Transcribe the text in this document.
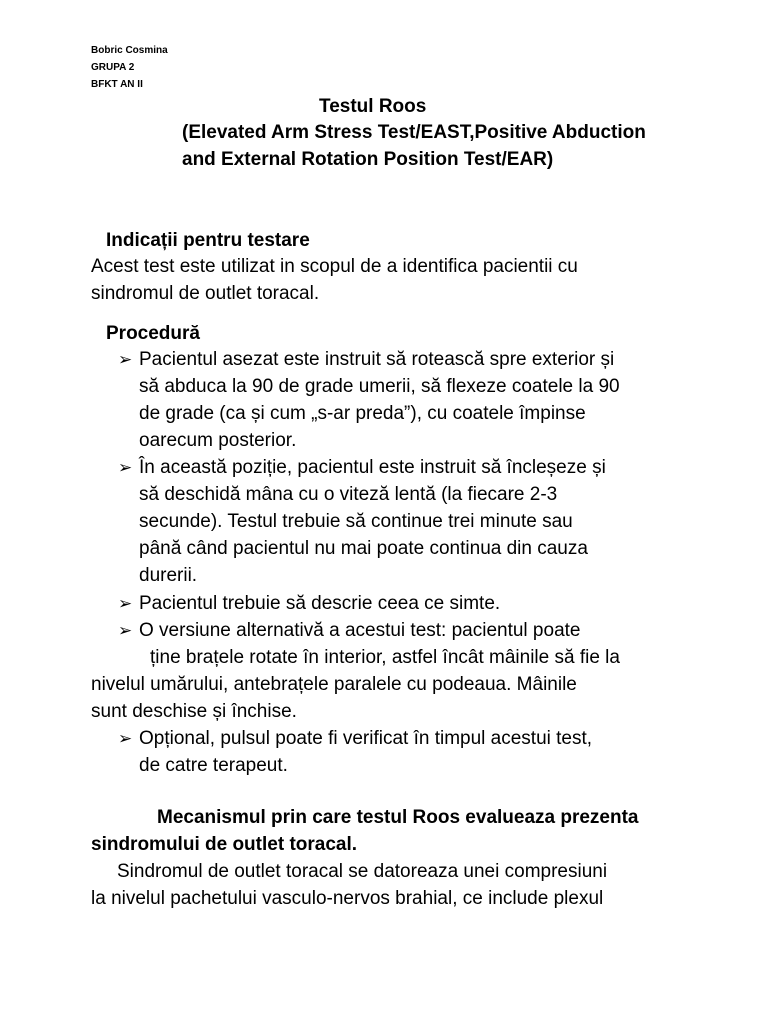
Bobric Cosmina
GRUPA 2
BFKT AN II
Testul Roos
(Elevated Arm Stress Test/EAST,Positive Abduction
and External Rotation Position Test/EAR)
Indicații pentru testare
Acest test este utilizat in scopul de a identifica pacientii cu
sindromul de outlet toracal.
Procedură
➢ Pacientul asezat este instruit să rotească spre exterior și
să abduca la 90 de grade umerii, să flexeze coatele la 90
de grade (ca și cum „s-ar preda”), cu coatele împinse
oarecum posterior.
➢ În această poziție, pacientul este instruit să încleșeze și
să deschidă mâna cu o viteză lentă (la fiecare 2-3
secunde). Testul trebuie să continue trei minute sau
până când pacientul nu mai poate continua din cauza
durerii.
➢ Pacientul trebuie să descrie ceea ce simte.
➢ O versiune alternativă a acestui test: pacientul poate
ține brațele rotate în interior, astfel încât mâinile să fie la
nivelul umărului, antebrațele paralele cu podeaua. Mâinile
sunt deschise și închise.
➢ Opțional, pulsul poate fi verificat în timpul acestui test,
de catre terapeut.
Mecanismul prin care testul Roos evalueaza prezenta
sindromului de outlet toracal.
Sindromul de outlet toracal se datoreaza unei compresiuni
la nivelul pachetului vasculo-nervos brahial, ce include plexul
